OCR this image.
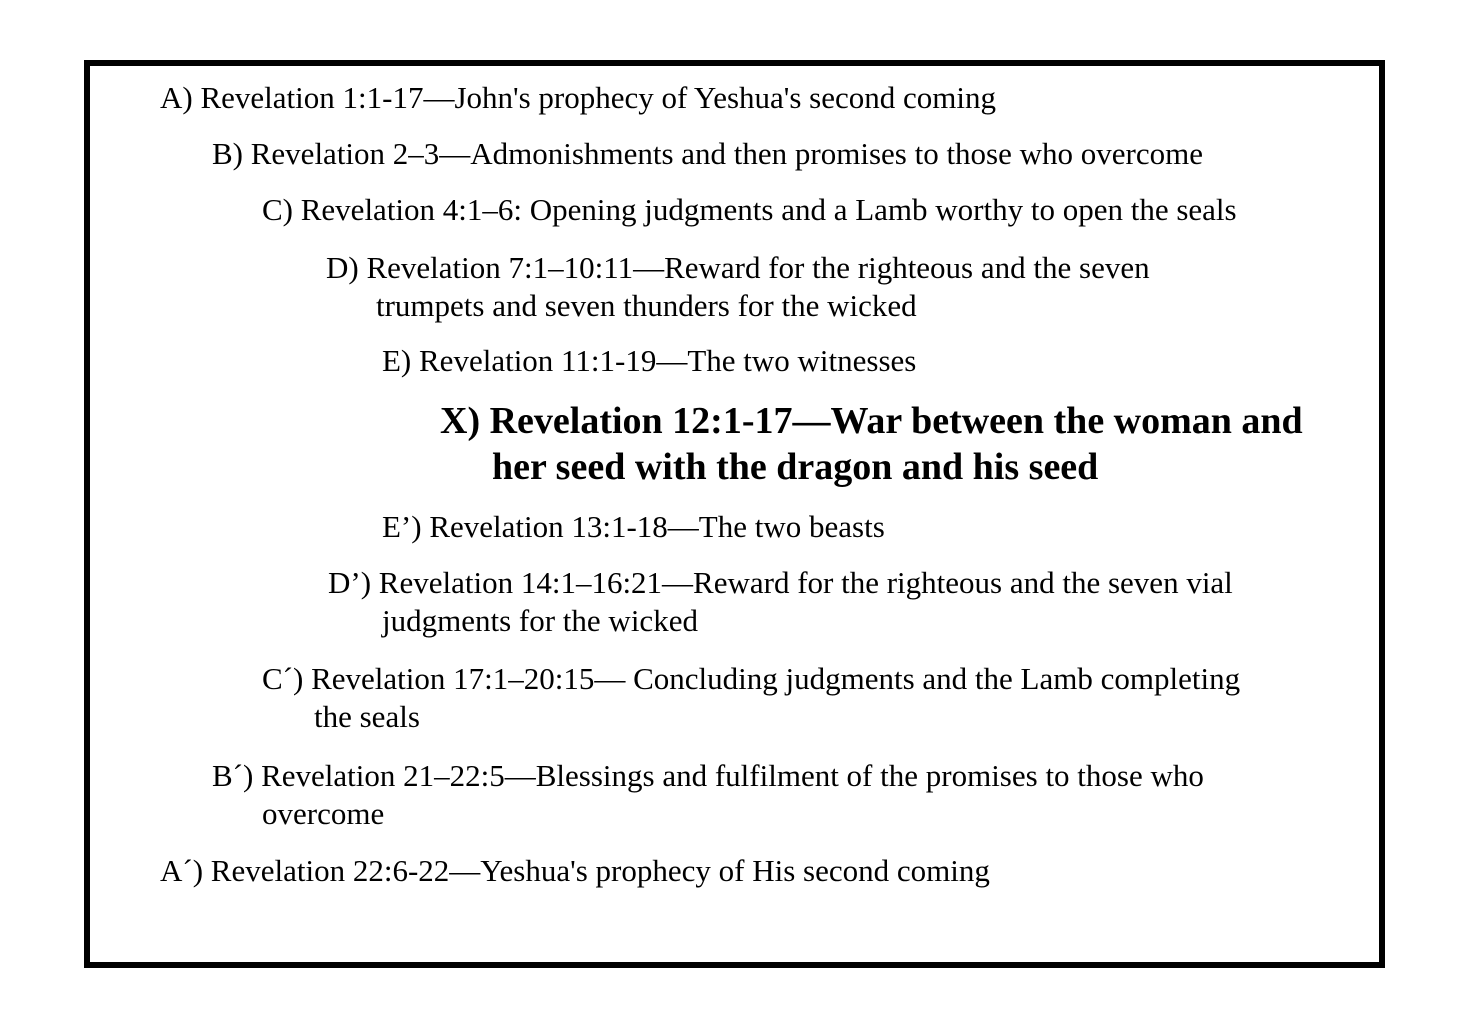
A) Revelation 1:1-17—John's prophecy of Yeshua's second coming
B) Revelation 2–3—Admonishments and then promises to those who overcome
C) Revelation 4:1–6: Opening judgments and a Lamb worthy to open the seals
D) Revelation 7:1–10:11—Reward for the righteous and the seven
trumpets and seven thunders for the wicked
E) Revelation 11:1-19—The two witnesses
X) Revelation 12:1-17—War between the woman and
her seed with the dragon and his seed
E’) Revelation 13:1-18—The two beasts
D’) Revelation 14:1–16:21—Reward for the righteous and the seven vial
judgments for the wicked
C´) Revelation 17:1–20:15— Concluding judgments and the Lamb completing
the seals
B´) Revelation 21–22:5—Blessings and fulfilment of the promises to those who
overcome
A´) Revelation 22:6-22—Yeshua's prophecy of His second coming
